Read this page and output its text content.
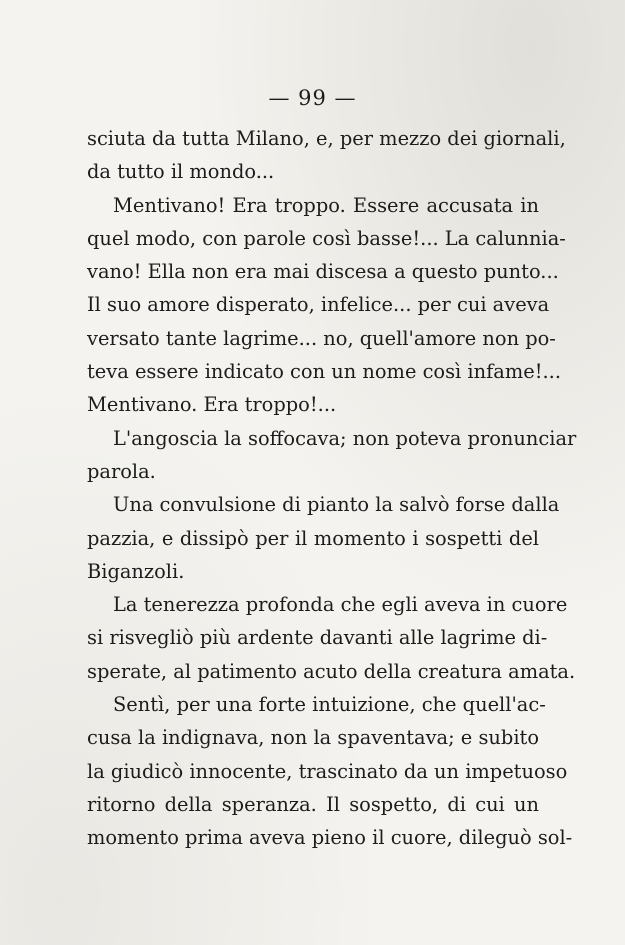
— 99 —
sciuta da tutta Milano, e, per mezzo dei giornali,
da tutto il mondo...
Mentivano! Era troppo. Essere accusata in
quel modo, con parole così basse!... La calunnia-
vano! Ella non era mai discesa a questo punto...
Il suo amore disperato, infelice... per cui aveva
versato tante lagrime... no, quell'amore non po-
teva essere indicato con un nome così infame!...
Mentivano. Era troppo!...
L'angoscia la soffocava; non poteva pronunciar
parola.
Una convulsione di pianto la salvò forse dalla
pazzia, e dissipò per il momento i sospetti del
Biganzoli.
La tenerezza profonda che egli aveva in cuore
si risvegliò più ardente davanti alle lagrime di-
sperate, al patimento acuto della creatura amata.
Sentì, per una forte intuizione, che quell'ac-
cusa la indignava, non la spaventava; e subito
la giudicò innocente, trascinato da un impetuoso
ritorno della speranza. Il sospetto, di cui un
momento prima aveva pieno il cuore, dileguò sol-
